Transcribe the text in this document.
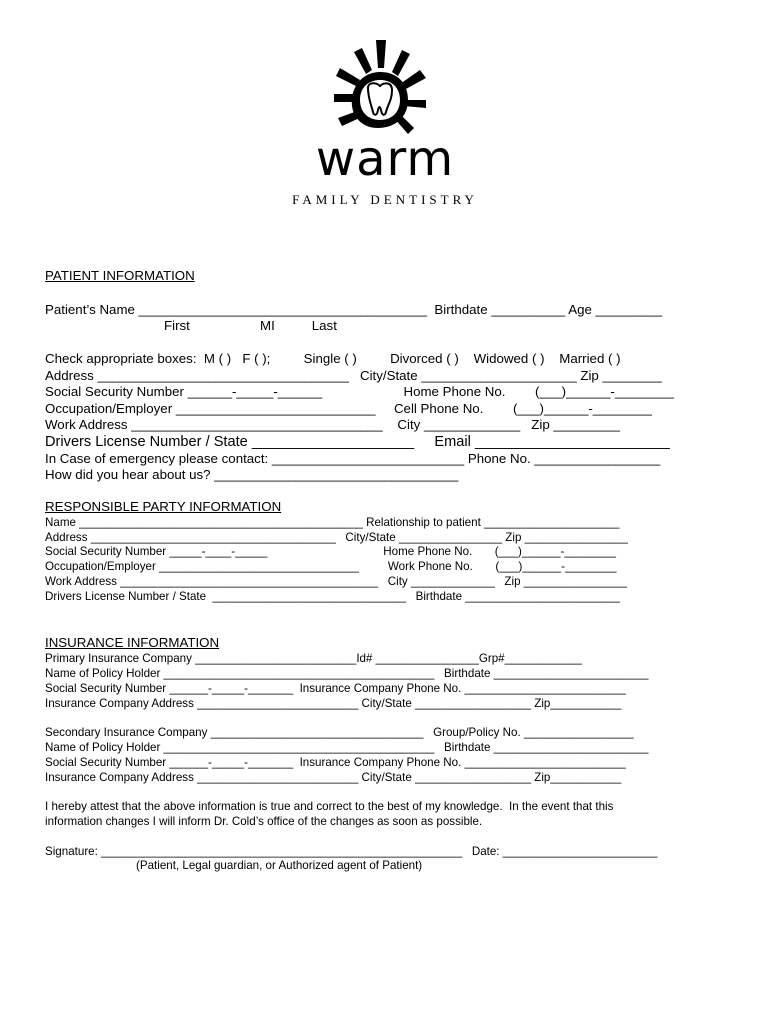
warm
FAMILY DENTISTRY
PATIENT INFORMATION
Patient’s Name _______________________________________  Birthdate __________ Age _________
First                   MI          Last
Check appropriate boxes:  M ( )   F ( );         Single ( )         Divorced ( )    Widowed ( )    Married ( )
Address __________________________________   City/State _____________________ Zip ________
Social Security Number ______-_____-______                      Home Phone No.        (___)______-________
Occupation/Employer ___________________________     Cell Phone No.        (___)______-________
Work Address __________________________________    City _____________   Zip _________
Drivers License Number / State ____________________     Email ________________________
In Case of emergency please contact: __________________________ Phone No. _________________
How did you hear about us? _________________________________
RESPONSIBLE PARTY INFORMATION
Name ____________________________________________ Relationship to patient _____________________
Address ______________________________________   City/State ________________ Zip ________________
Social Security Number _____-____-_____                                    Home Phone No.       (___)______-________
Occupation/Employer _______________________________         Work Phone No.       (___)______-________
Work Address ________________________________________   City _____________   Zip ________________
Drivers License Number / State  ______________________________   Birthdate ________________________
INSURANCE INFORMATION
Primary Insurance Company _________________________Id# ________________Grp#____________
Name of Policy Holder __________________________________________   Birthdate ________________________
Social Security Number ______-_____-_______  Insurance Company Phone No. _________________________
Insurance Company Address _________________________ City/State __________________ Zip___________
Secondary Insurance Company _________________________________   Group/Policy No. _________________
Name of Policy Holder __________________________________________   Birthdate ________________________
Social Security Number ______-_____-_______  Insurance Company Phone No. _________________________
Insurance Company Address _________________________ City/State __________________ Zip___________
I hereby attest that the above information is true and correct to the best of my knowledge.  In the event that this
information changes I will inform Dr. Cold’s office of the changes as soon as possible.
Signature: ________________________________________________________   Date: ________________________
(Patient, Legal guardian, or Authorized agent of Patient)
